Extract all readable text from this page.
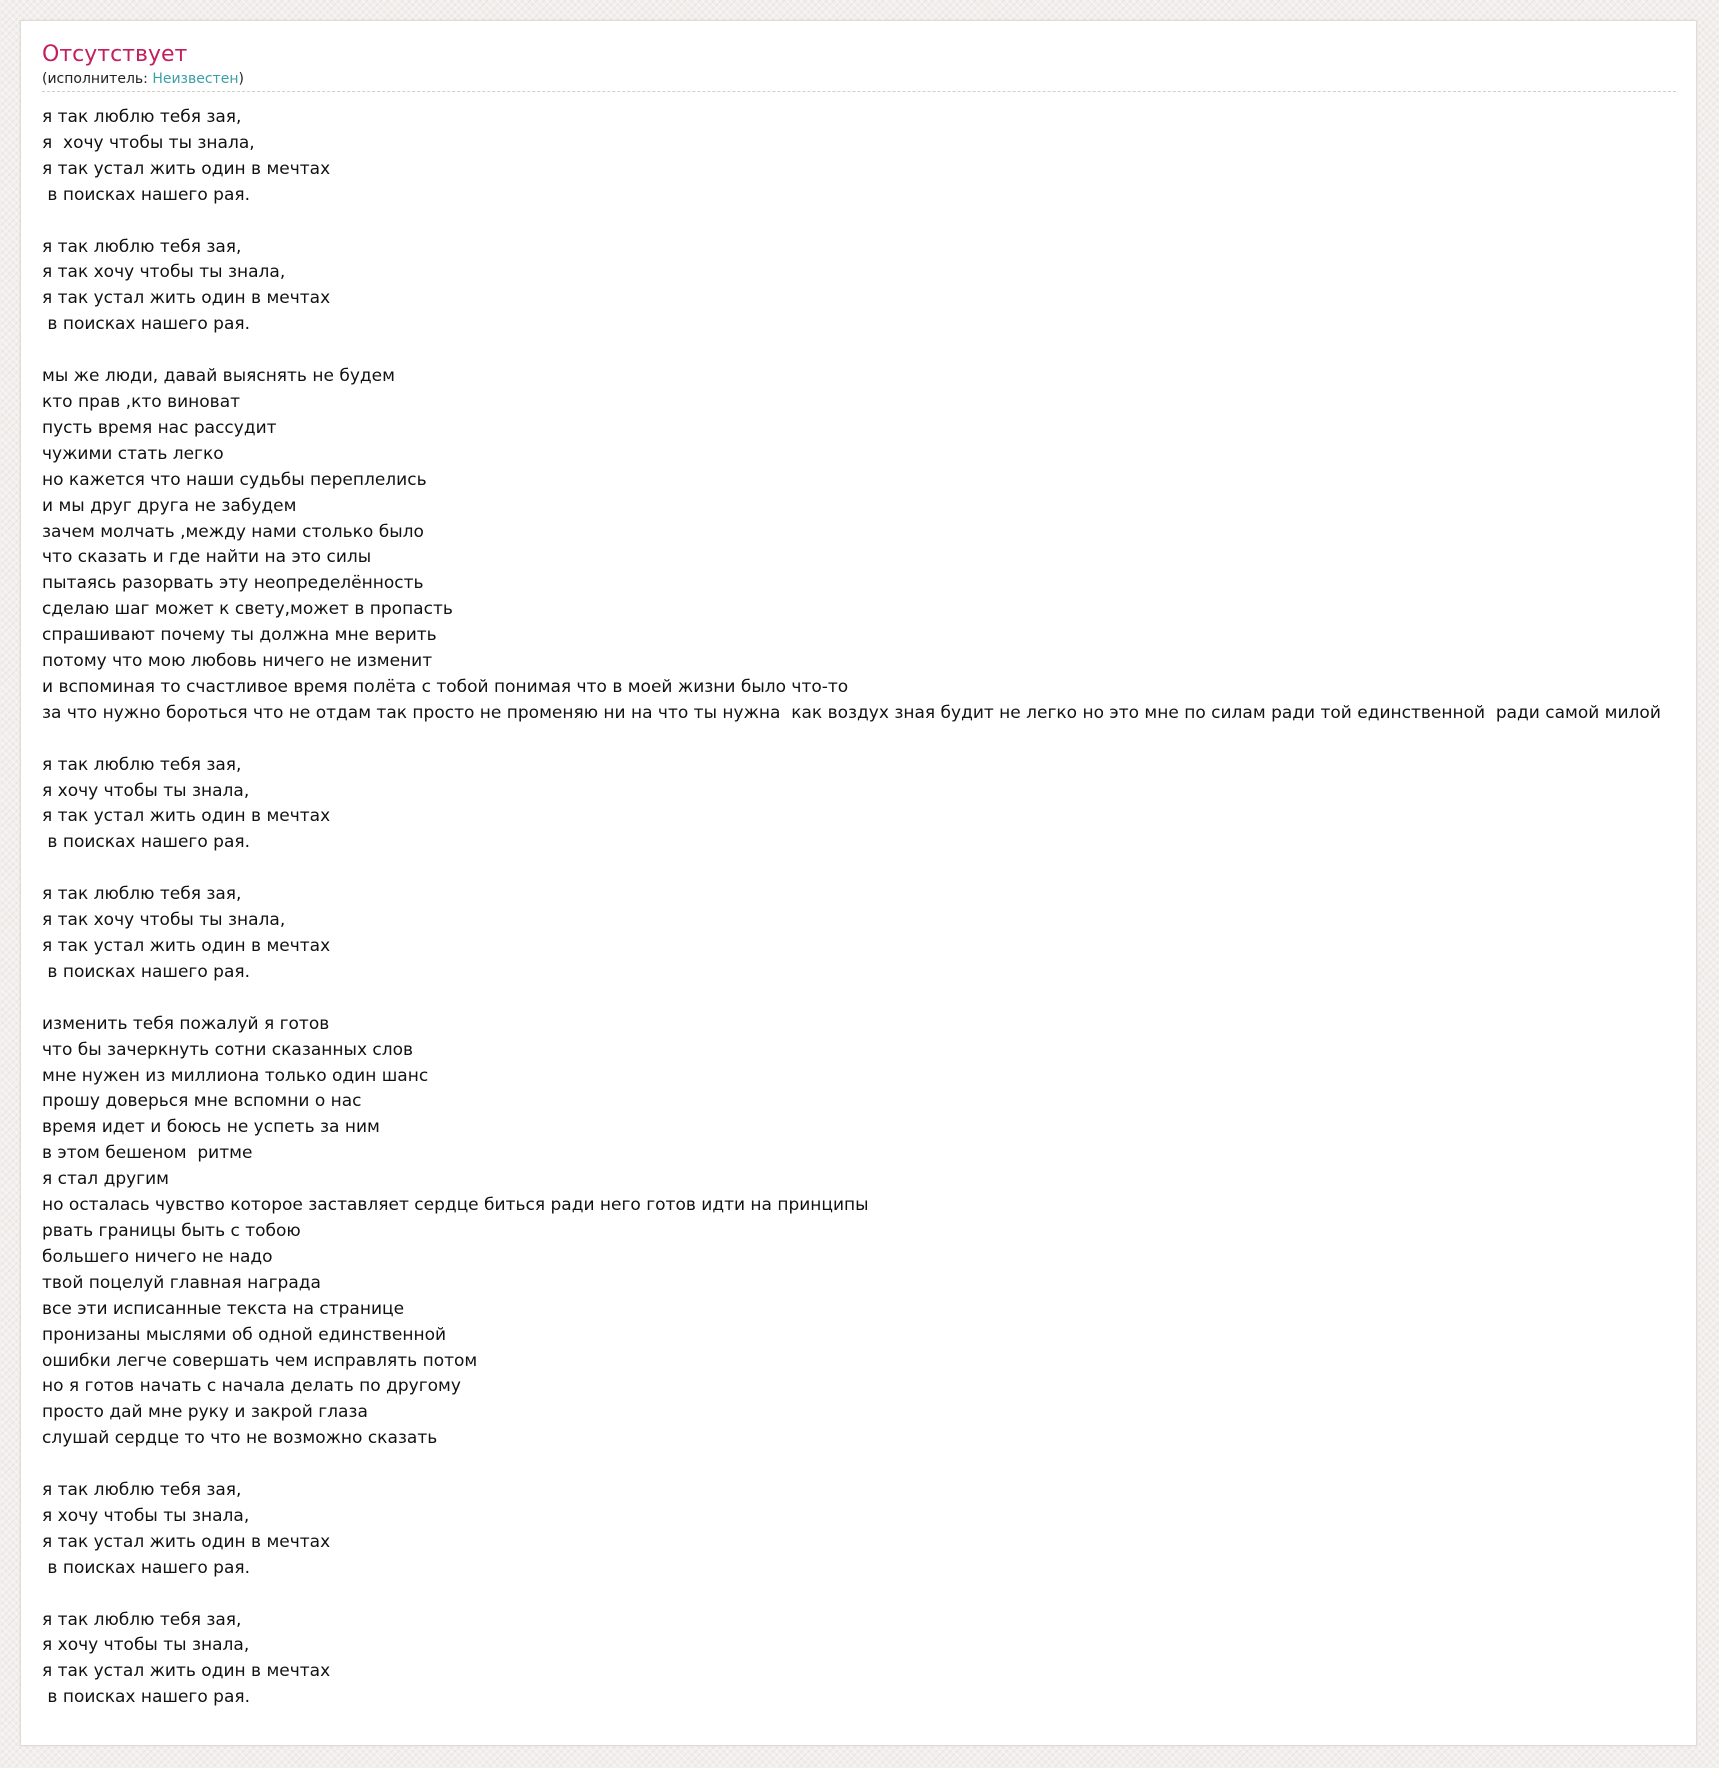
Отсутствует
(исполнитель: Неизвестен)
я так люблю тебя зая,
я  хочу чтобы ты знала,
я так устал жить один в мечтах
в поисках нашего рая.

я так люблю тебя зая,
я так хочу чтобы ты знала,
я так устал жить один в мечтах
в поисках нашего рая.

мы же люди, давай выяснять не будем
кто прав ,кто виноват
пусть время нас рассудит
чужими стать легко
но кажется что наши судьбы переплелись
и мы друг друга не забудем
зачем молчать ,между нами столько было
что сказать и где найти на это силы
пытаясь разорвать эту неопределённость
сделаю шаг может к свету,может в пропасть
спрашивают почему ты должна мне верить
потому что мою любовь ничего не изменит
и вспоминая то счастливое время полёта с тобой понимая что в моей жизни было что-то
за что нужно бороться что не отдам так просто не променяю ни на что ты нужна  как воздух зная будит не легко но это мне по силам ради той единственной  ради самой милой

я так люблю тебя зая,
я хочу чтобы ты знала,
я так устал жить один в мечтах
в поисках нашего рая.

я так люблю тебя зая,
я так хочу чтобы ты знала,
я так устал жить один в мечтах
в поисках нашего рая.

изменить тебя пожалуй я готов
что бы зачеркнуть сотни сказанных слов
мне нужен из миллиона только один шанс
прошу доверься мне вспомни о нас
время идет и боюсь не успеть за ним
в этом бешеном  ритме
я стал другим
но осталась чувство которое заставляет сердце биться ради него готов идти на принципы
рвать границы быть с тобою
большего ничего не надо
твой поцелуй главная награда
все эти исписанные текста на странице
пронизаны мыслями об одной единственной
ошибки легче совершать чем исправлять потом
но я готов начать с начала делать по другому
просто дай мне руку и закрой глаза
слушай сердце то что не возможно сказать

я так люблю тебя зая,
я хочу чтобы ты знала,
я так устал жить один в мечтах
в поисках нашего рая.

я так люблю тебя зая,
я хочу чтобы ты знала,
я так устал жить один в мечтах
в поисках нашего рая.
